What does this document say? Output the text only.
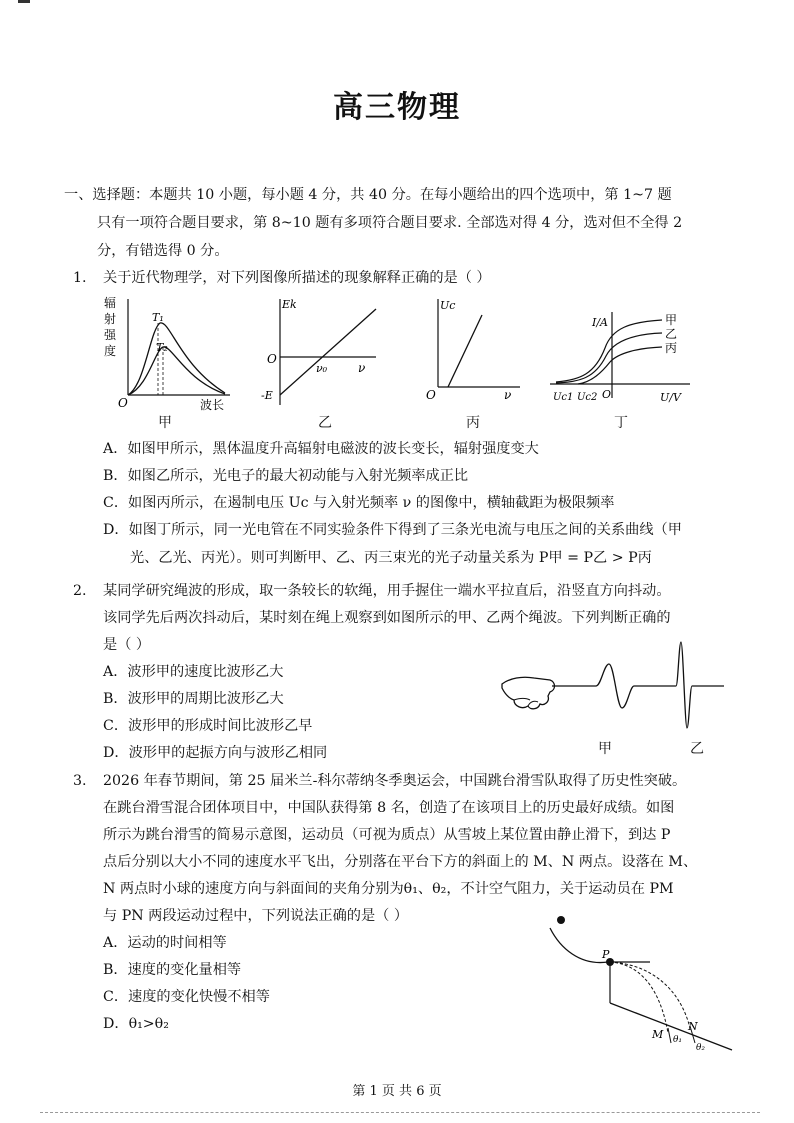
高三物理
一、选择题：本题共 10 小题，每小题 4 分，共 40 分。在每小题给出的四个选项中，第 1~7 题
只有一项符合题目要求，第 8~10 题有多项符合题目要求. 全部选对得 4 分，选对但不全得 2
分，有错选得 0 分。
1. 关于近代物理学，对下列图像所描述的现象解释正确的是（ ）
辐
射
强
度
T₁
T₂
O	波长
Ek
O
ν₀	ν
-E
Uc
O	ν
I/A	甲
乙
丙
O
Uc1 Uc2	U/V
甲	乙	丙	丁
A．如图甲所示，黑体温度升高辐射电磁波的波长变长，辐射强度变大
B．如图乙所示，光电子的最大初动能与入射光频率成正比
C．如图丙所示，在遏制电压 Uc 与入射光频率 ν 的图像中，横轴截距为极限频率
D．如图丁所示，同一光电管在不同实验条件下得到了三条光电流与电压之间的关系曲线（甲
光、乙光、丙光）。则可判断甲、乙、丙三束光的光子动量关系为 P甲 = P乙 > P丙
2. 某同学研究绳波的形成，取一条较长的软绳，用手握住一端水平拉直后，沿竖直方向抖动。
该同学先后两次抖动后，某时刻在绳上观察到如图所示的甲、乙两个绳波。下列判断正确的
是（ ）
A．波形甲的速度比波形乙大
B．波形甲的周期比波形乙大
C．波形甲的形成时间比波形乙早
D．波形甲的起振方向与波形乙相同	甲	乙
3. 2026 年春节期间，第 25 届米兰-科尔蒂纳冬季奥运会，中国跳台滑雪队取得了历史性突破。
在跳台滑雪混合团体项目中，中国队获得第 8 名，创造了在该项目上的历史最好成绩。如图
所示为跳台滑雪的简易示意图，运动员（可视为质点）从雪坡上某位置由静止滑下，到达 P
点后分别以大小不同的速度水平飞出，分别落在平台下方的斜面上的 M、N 两点。设落在 M、
N 两点时小球的速度方向与斜面间的夹角分别为θ₁、θ₂，不计空气阻力，关于运动员在 PM
与 PN 两段运动过程中，下列说法正确的是（ ）
A．运动的时间相等
B．速度的变化量相等
C．速度的变化快慢不相等
D．θ₁>θ₂
P
M
N
θ₁
θ₂
第 1 页 共 6 页
